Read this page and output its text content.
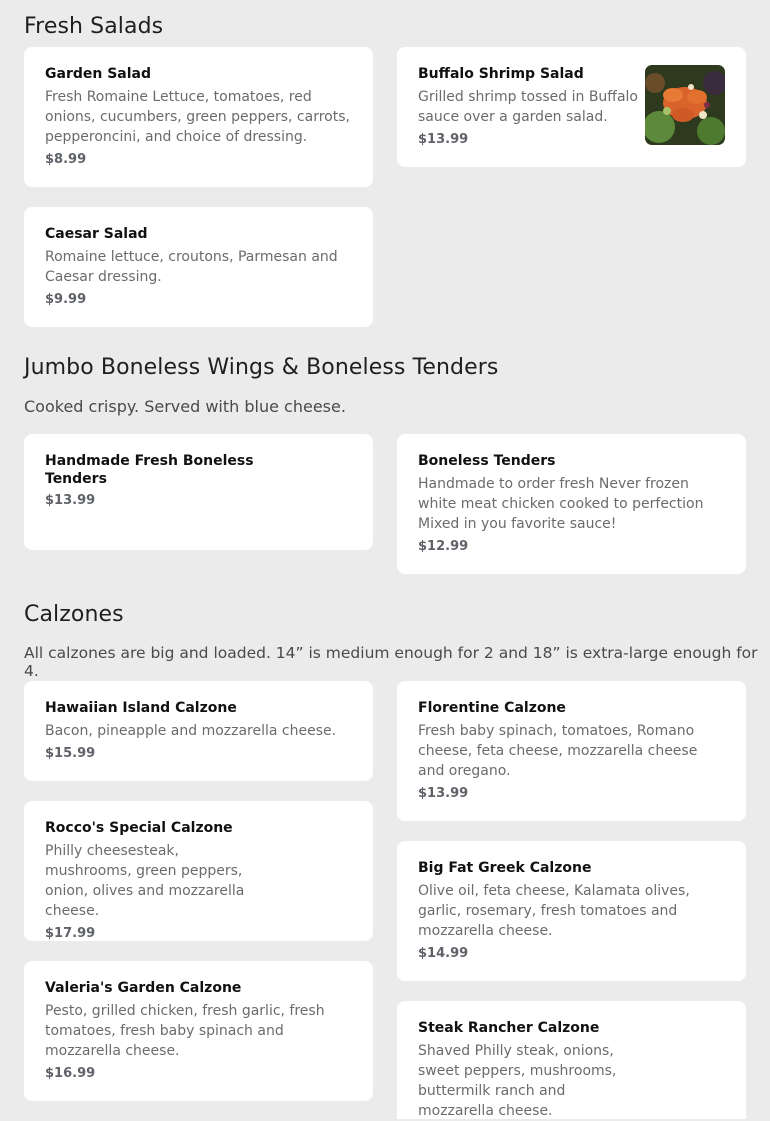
Fresh Salads

Garden Salad

Fresh Romaine Lettuce, tomatoes, red onions, cucumbers, green peppers, carrots, pepperoncini, and choice of dressing.

$8.99

Buffalo Shrimp Salad

Grilled shrimp tossed in Buffalo sauce over a garden salad.

$13.99

Caesar Salad

Romaine lettuce, croutons, Parmesan and Caesar dressing.

$9.99

Jumbo Boneless Wings & Boneless Tenders

Cooked crispy. Served with blue cheese.

Handmade Fresh Boneless Tenders

$13.99

Boneless Tenders

Handmade to order fresh Never frozen white meat chicken cooked to perfection Mixed in you favorite sauce!

$12.99

Calzones

All calzones are big and loaded. 14” is medium enough for 2 and 18” is extra-large enough for 4.

Hawaiian Island Calzone

Bacon, pineapple and mozzarella cheese.

$15.99

Florentine Calzone

Fresh baby spinach, tomatoes, Romano cheese, feta cheese, mozzarella cheese and oregano.

$13.99

Rocco's Special Calzone

Philly cheesesteak, mushrooms, green peppers, onion, olives and mozzarella cheese.

$17.99

Big Fat Greek Calzone

Olive oil, feta cheese, Kalamata olives, garlic, rosemary, fresh tomatoes and mozzarella cheese.

$14.99

Valeria's Garden Calzone

Pesto, grilled chicken, fresh garlic, fresh tomatoes, fresh baby spinach and mozzarella cheese.

$16.99

Steak Rancher Calzone

Shaved Philly steak, onions, sweet peppers, mushrooms, buttermilk ranch and mozzarella cheese.
